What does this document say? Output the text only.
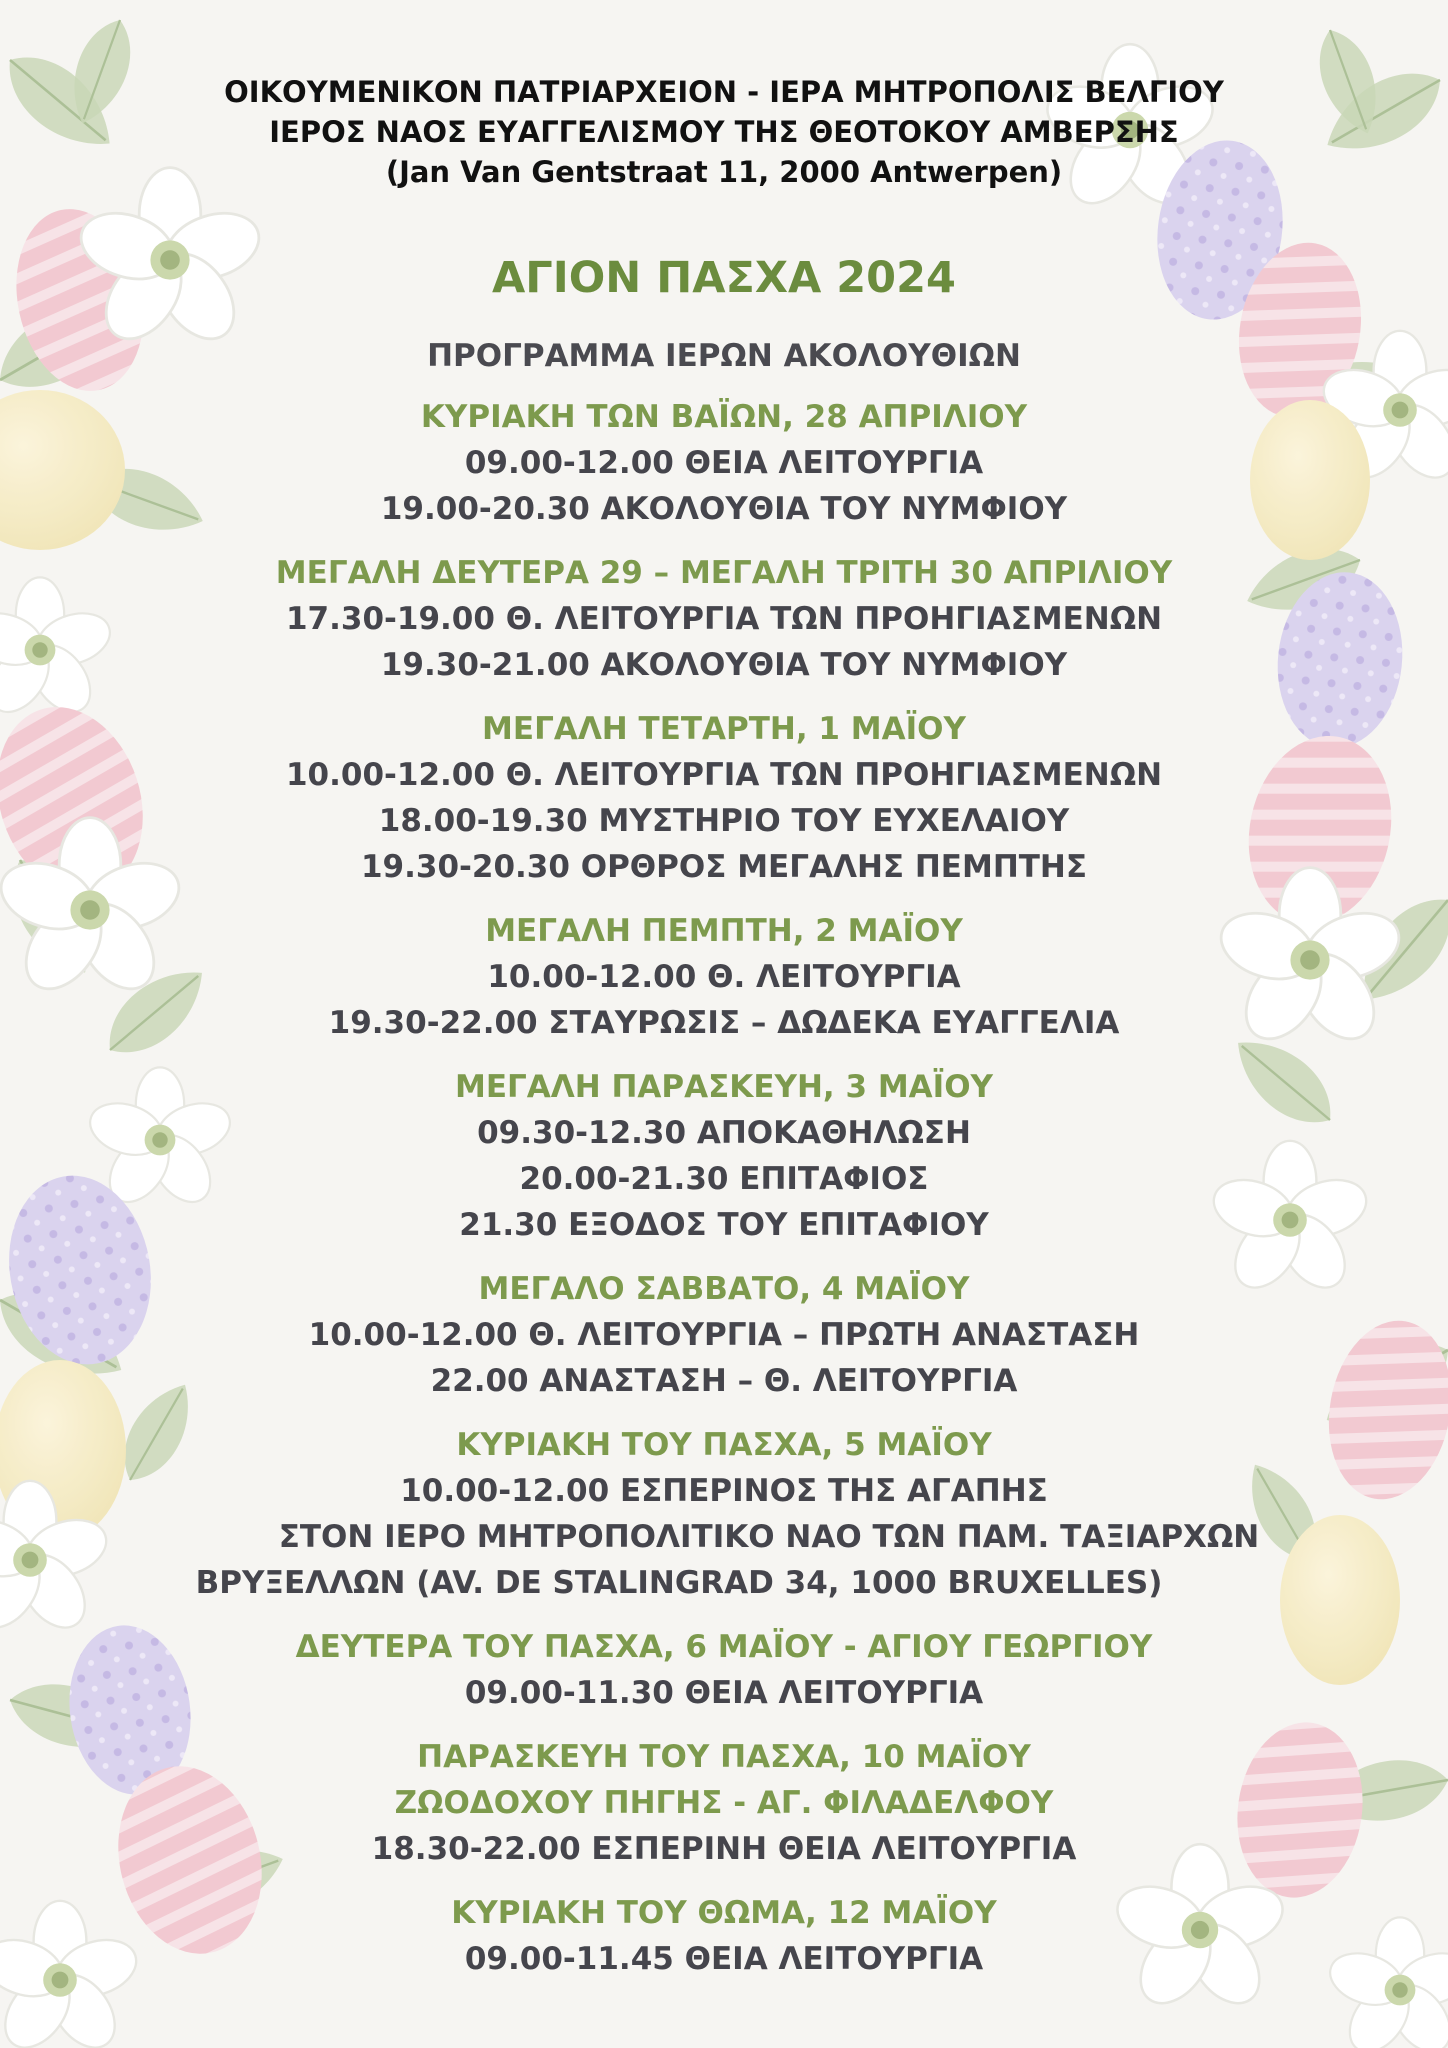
ΟΙΚΟΥΜΕΝΙΚΟΝ ΠΑΤΡΙΑΡΧΕΙΟΝ - ΙΕΡΑ ΜΗΤΡΟΠΟΛΙΣ ΒΕΛΓΙΟΥ

ΙΕΡΟΣ ΝΑΟΣ ΕΥΑΓΓΕΛΙΣΜΟΥ ΤΗΣ ΘΕΟΤΟΚΟΥ ΑΜΒΕΡΣΗΣ

(Jan Van Gentstraat 11, 2000 Antwerpen)

ΑΓΙΟΝ ΠΑΣΧΑ 2024

ΠΡΟΓΡΑΜΜΑ ΙΕΡΩΝ ΑΚΟΛΟΥΘΙΩΝ

ΚΥΡΙΑΚΗ ΤΩΝ ΒΑΪΩΝ, 28 ΑΠΡΙΛΙΟΥ

09.00-12.00 ΘΕΙΑ ΛΕΙΤΟΥΡΓΙΑ

19.00-20.30 ΑΚΟΛΟΥΘΙΑ ΤΟΥ ΝΥΜΦΙΟΥ

ΜΕΓΑΛΗ ΔΕΥΤΕΡΑ 29 – ΜΕΓΑΛΗ ΤΡΙΤΗ 30 ΑΠΡΙΛΙΟΥ

17.30-19.00 Θ. ΛΕΙΤΟΥΡΓΙΑ ΤΩΝ ΠΡΟΗΓΙΑΣΜΕΝΩΝ

19.30-21.00 ΑΚΟΛΟΥΘΙΑ ΤΟΥ ΝΥΜΦΙΟΥ

ΜΕΓΑΛΗ ΤΕΤΑΡΤΗ, 1 ΜΑΪΟΥ

10.00-12.00 Θ. ΛΕΙΤΟΥΡΓΙΑ ΤΩΝ ΠΡΟΗΓΙΑΣΜΕΝΩΝ

18.00-19.30 ΜΥΣΤΗΡΙΟ ΤΟΥ ΕΥΧΕΛΑΙΟΥ

19.30-20.30 ΟΡΘΡΟΣ ΜΕΓΑΛΗΣ ΠΕΜΠΤΗΣ

ΜΕΓΑΛΗ ΠΕΜΠΤΗ, 2 ΜΑΪΟΥ

10.00-12.00 Θ. ΛΕΙΤΟΥΡΓΙΑ

19.30-22.00 ΣΤΑΥΡΩΣΙΣ – ΔΩΔΕΚΑ ΕΥΑΓΓΕΛΙΑ

ΜΕΓΑΛΗ ΠΑΡΑΣΚΕΥΗ, 3 ΜΑΪΟΥ

09.30-12.30 ΑΠΟΚΑΘΗΛΩΣΗ

20.00-21.30 ΕΠΙΤΑΦΙΟΣ

21.30 ΕΞΟΔΟΣ ΤΟΥ ΕΠΙΤΑΦΙΟΥ

ΜΕΓΑΛΟ ΣΑΒΒΑΤΟ, 4 ΜΑΪΟΥ

10.00-12.00 Θ. ΛΕΙΤΟΥΡΓΙΑ – ΠΡΩΤΗ ΑΝΑΣΤΑΣΗ

22.00 ΑΝΑΣΤΑΣΗ – Θ. ΛΕΙΤΟΥΡΓΙΑ

ΚΥΡΙΑΚΗ ΤΟΥ ΠΑΣΧΑ, 5 ΜΑΪΟΥ

10.00-12.00 ΕΣΠΕΡΙΝΟΣ ΤΗΣ ΑΓΑΠΗΣ

ΣΤΟΝ ΙΕΡΟ ΜΗΤΡΟΠΟΛΙΤΙΚΟ ΝΑΟ ΤΩΝ ΠΑΜ. ΤΑΞΙΑΡΧΩΝ

ΒΡΥΞΕΛΛΩΝ (AV. DE STALINGRAD 34, 1000 BRUXELLES)

ΔΕΥΤΕΡΑ ΤΟΥ ΠΑΣΧΑ, 6 ΜΑΪΟΥ - ΑΓΙΟΥ ΓΕΩΡΓΙΟΥ

09.00-11.30 ΘΕΙΑ ΛΕΙΤΟΥΡΓΙΑ

ΠΑΡΑΣΚΕΥΗ ΤΟΥ ΠΑΣΧΑ, 10 ΜΑΪΟΥ

ΖΩΟΔΟΧΟΥ ΠΗΓΗΣ - ΑΓ. ΦΙΛΑΔΕΛΦΟΥ

18.30-22.00 ΕΣΠΕΡΙΝΗ ΘΕΙΑ ΛΕΙΤΟΥΡΓΙΑ

ΚΥΡΙΑΚΗ ΤΟΥ ΘΩΜΑ, 12 ΜΑΪΟΥ

09.00-11.45 ΘΕΙΑ ΛΕΙΤΟΥΡΓΙΑ
